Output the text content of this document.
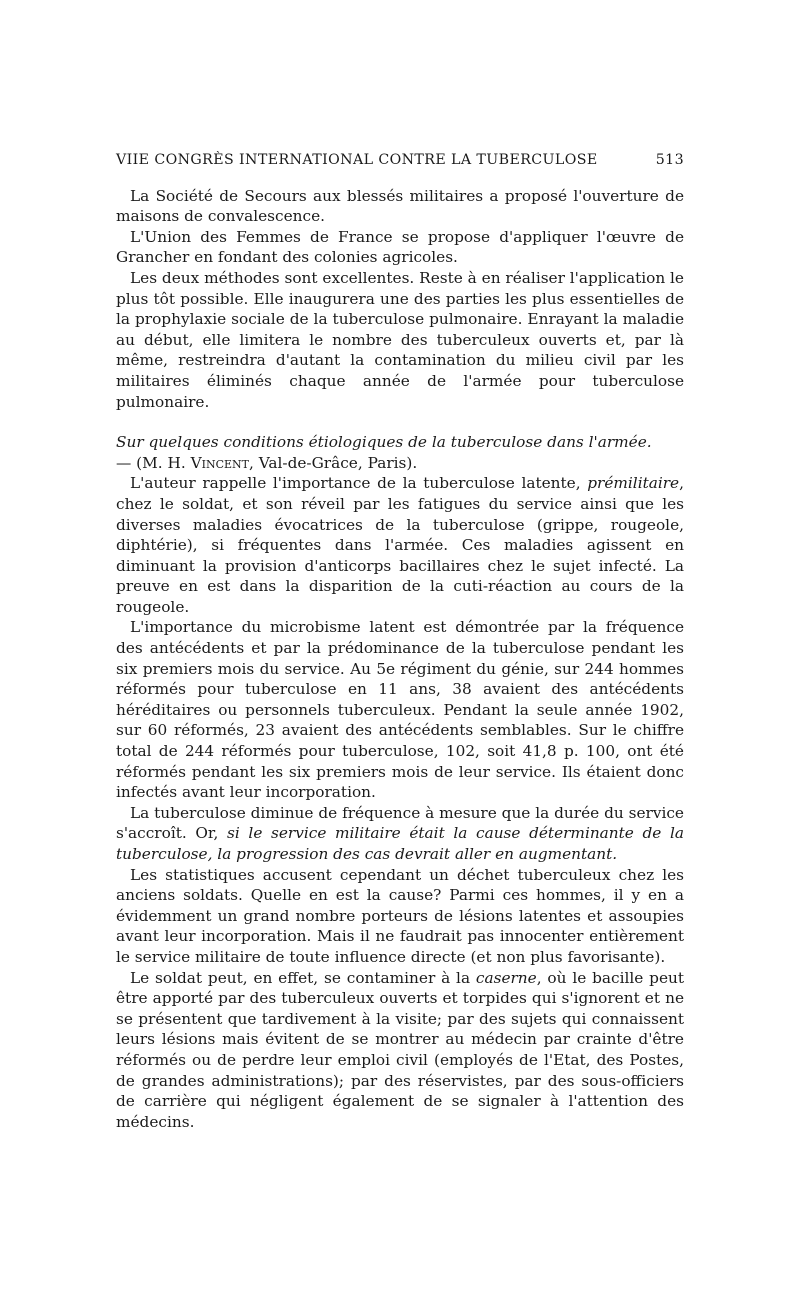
VIIE CONGRÈS INTERNATIONAL CONTRE LA TUBERCULOSE	513

La Société de Secours aux blessés militaires a proposé l'ouverture de maisons de convalescence.

L'Union des Femmes de France se propose d'appliquer l'œuvre de Grancher en fondant des colonies agricoles.

Les deux méthodes sont excellentes. Reste à en réaliser l'application le plus tôt possible. Elle inaugurera une des parties les plus essentielles de la prophylaxie sociale de la tuberculose pulmonaire. Enrayant la maladie au début, elle limitera le nombre des tuberculeux ouverts et, par là même, restreindra d'autant la contamination du milieu civil par les militaires éliminés chaque année de l'armée pour tuberculose pulmonaire.

Sur quelques conditions étiologiques de la tuberculose dans l'armée.
— (M. H. Vincent, Val-de-Grâce, Paris).

L'auteur rappelle l'importance de la tuberculose latente, prémilitaire, chez le soldat, et son réveil par les fatigues du service ainsi que les diverses maladies évocatrices de la tuberculose (grippe, rougeole, diphtérie), si fréquentes dans l'armée. Ces maladies agissent en diminuant la provision d'anticorps bacillaires chez le sujet infecté. La preuve en est dans la disparition de la cuti-réaction au cours de la rougeole.

L'importance du microbisme latent est démontrée par la fréquence des antécédents et par la prédominance de la tuberculose pendant les six premiers mois du service. Au 5e régiment du génie, sur 244 hommes réformés pour tuberculose en 11 ans, 38 avaient des antécédents héréditaires ou personnels tuberculeux. Pendant la seule année 1902, sur 60 réformés, 23 avaient des antécédents semblables. Sur le chiffre total de 244 réformés pour tuberculose, 102, soit 41,8 p. 100, ont été réformés pendant les six premiers mois de leur service. Ils étaient donc infectés avant leur incorporation.

La tuberculose diminue de fréquence à mesure que la durée du service s'accroît. Or, si le service militaire était la cause déterminante de la tuberculose, la progression des cas devrait aller en augmentant.

Les statistiques accusent cependant un déchet tuberculeux chez les anciens soldats. Quelle en est la cause? Parmi ces hommes, il y en a évidemment un grand nombre porteurs de lésions latentes et assoupies avant leur incorporation. Mais il ne faudrait pas innocenter entièrement le service militaire de toute influence directe (et non plus favorisante).

Le soldat peut, en effet, se contaminer à la caserne, où le bacille peut être apporté par des tuberculeux ouverts et torpides qui s'ignorent et ne se présentent que tardivement à la visite; par des sujets qui connaissent leurs lésions mais évitent de se montrer au médecin par crainte d'être réformés ou de perdre leur emploi civil (employés de l'Etat, des Postes, de grandes administrations); par des réservistes, par des sous-officiers de carrière qui négligent également de se signaler à l'attention des médecins.
